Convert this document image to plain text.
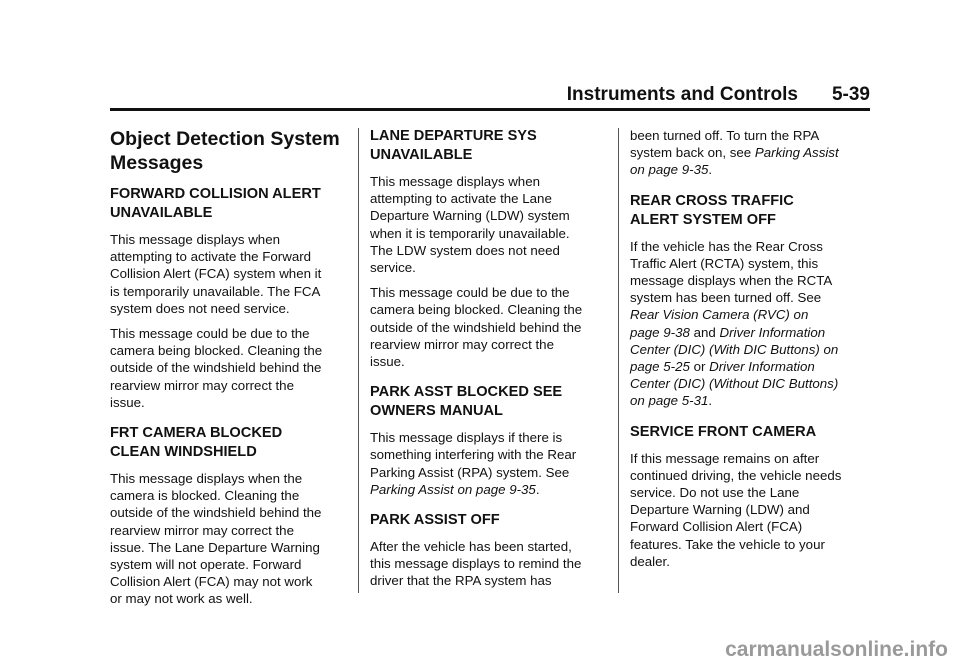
Instruments and Controls 5-39
Object Detection System
Messages
FORWARD COLLISION ALERT
UNAVAILABLE
This message displays when
attempting to activate the Forward
Collision Alert (FCA) system when it
is temporarily unavailable. The FCA
system does not need service.
This message could be due to the
camera being blocked. Cleaning the
outside of the windshield behind the
rearview mirror may correct the
issue.
FRT CAMERA BLOCKED
CLEAN WINDSHIELD
This message displays when the
camera is blocked. Cleaning the
outside of the windshield behind the
rearview mirror may correct the
issue. The Lane Departure Warning
system will not operate. Forward
Collision Alert (FCA) may not work
or may not work as well.
LANE DEPARTURE SYS
UNAVAILABLE
This message displays when
attempting to activate the Lane
Departure Warning (LDW) system
when it is temporarily unavailable.
The LDW system does not need
service.
This message could be due to the
camera being blocked. Cleaning the
outside of the windshield behind the
rearview mirror may correct the
issue.
PARK ASST BLOCKED SEE
OWNERS MANUAL
This message displays if there is
something interfering with the Rear
Parking Assist (RPA) system. See
Parking Assist on page 9-35.
PARK ASSIST OFF
After the vehicle has been started,
this message displays to remind the
driver that the RPA system has
been turned off. To turn the RPA
system back on, see Parking Assist
on page 9-35.
REAR CROSS TRAFFIC
ALERT SYSTEM OFF
If the vehicle has the Rear Cross
Traffic Alert (RCTA) system, this
message displays when the RCTA
system has been turned off. See
Rear Vision Camera (RVC) on
page 9-38 and Driver Information
Center (DIC) (With DIC Buttons) on
page 5-25 or Driver Information
Center (DIC) (Without DIC Buttons)
on page 5-31.
SERVICE FRONT CAMERA
If this message remains on after
continued driving, the vehicle needs
service. Do not use the Lane
Departure Warning (LDW) and
Forward Collision Alert (FCA)
features. Take the vehicle to your
dealer.
carmanualsonline.info
